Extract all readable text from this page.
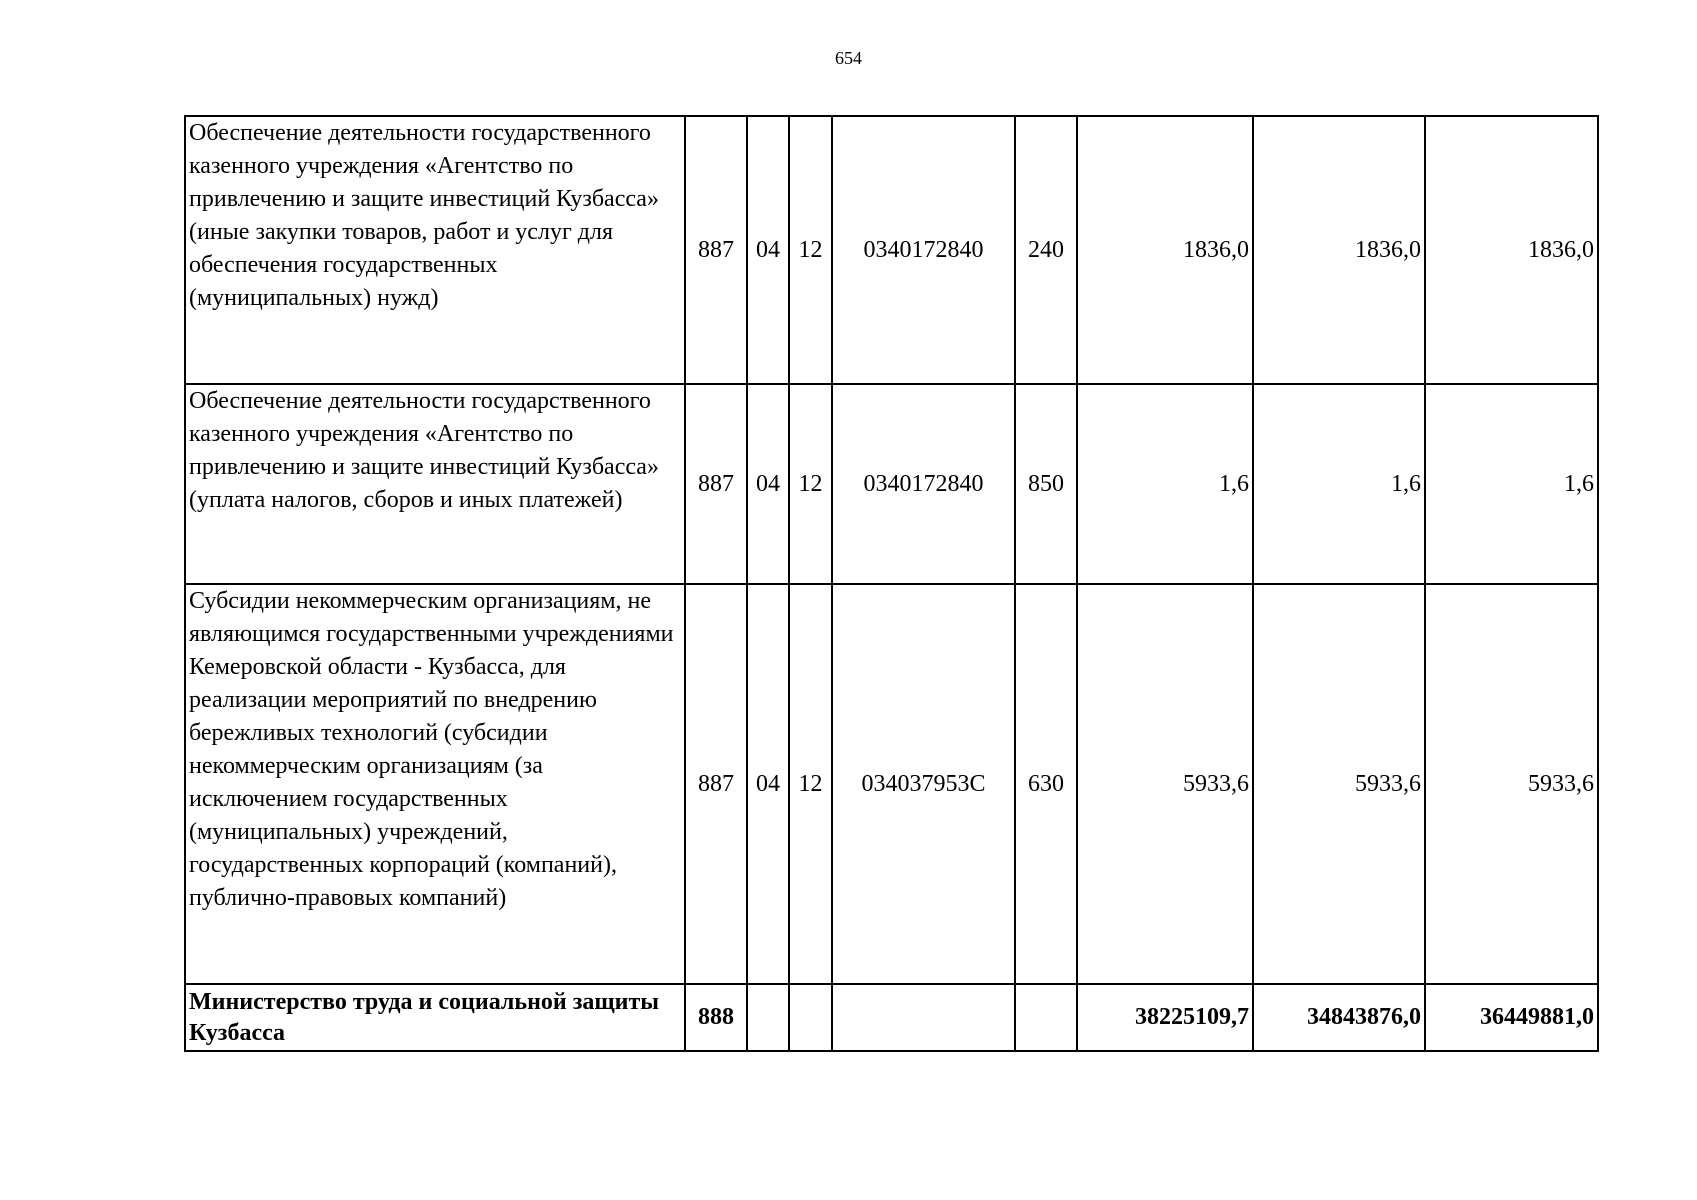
654
Обеспечение деятельности государственного казенного учреждения «Агентство по привлечению и защите инвестиций Кузбасса» (иные закупки товаров, работ и услуг для обеспечения государственных (муниципальных) нужд)	887	04	12	0340172840	240	1836,0	1836,0	1836,0
Обеспечение деятельности государственного казенного учреждения «Агентство по привлечению и защите инвестиций Кузбасса» (уплата налогов, сборов и иных платежей)	887	04	12	0340172840	850	1,6	1,6	1,6
Субсидии некоммерческим организациям, не являющимся государственными учреждениями Кемеровской области - Кузбасса, для реализации мероприятий по внедрению бережливых технологий (субсидии некоммерческим организациям (за исключением государственных (муниципальных) учреждений, государственных корпораций (компаний), публично-правовых компаний)	887	04	12	034037953С	630	5933,6	5933,6	5933,6
Министерство труда и социальной защиты Кузбасса	888					38225109,7	34843876,0	36449881,0
